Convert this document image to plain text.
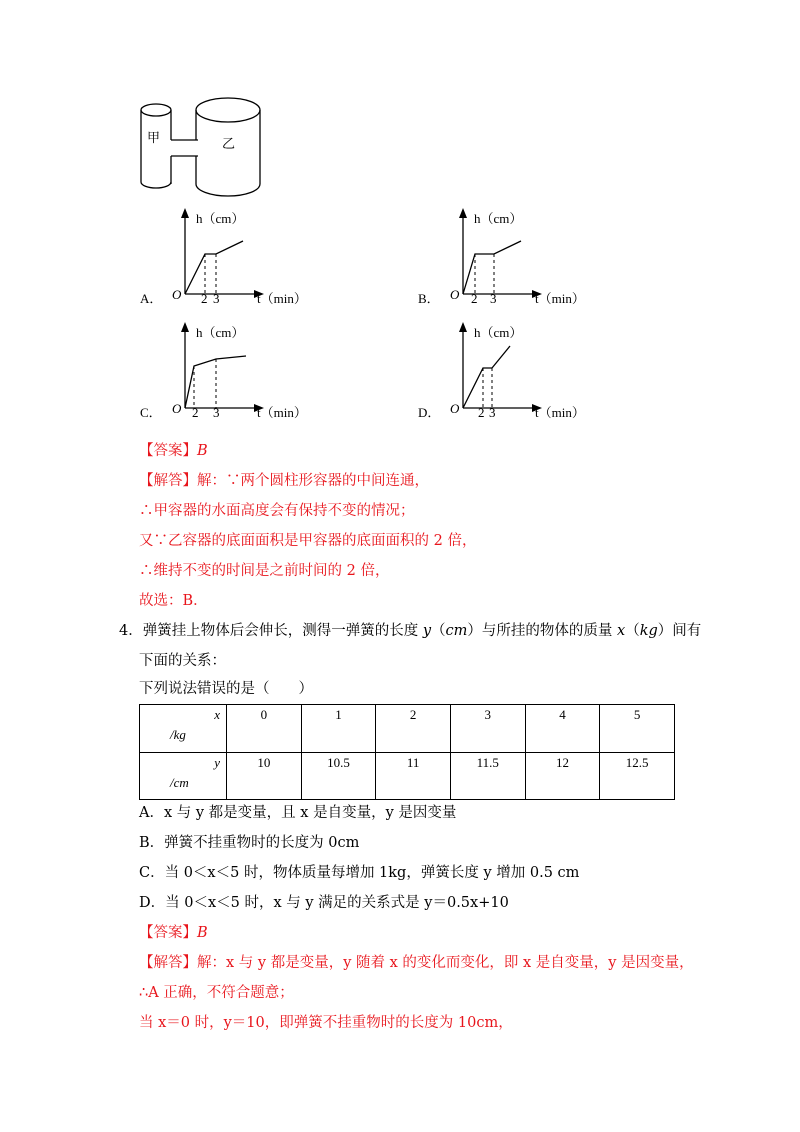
甲	乙
h（cm）
O 2 3	t（min）
A．
h（cm）
O 2 3	t（min）
B．
h（cm）
O 2 3	t（min）
C．
h（cm）
O 2 3	t（min）
D．
【答案】B
【解答】解：∵两个圆柱形容器的中间连通，
∴甲容器的水面高度会有保持不变的情况；
又∵乙容器的底面面积是甲容器的底面面积的 2 倍，
∴维持不变的时间是之前时间的 2 倍，
故选：B．
4．弹簧挂上物体后会伸长，测得一弹簧的长度 y（cm）与所挂的物体的质量 x（kg）间有
下面的关系：
下列说法错误的是（　　）
x
/kg	0	1	2	3	4	5

y
/cm	10	10.5	11	11.5	12	12.5
A．x 与 y 都是变量，且 x 是自变量，y 是因变量
B．弹簧不挂重物时的长度为 0cm
C．当 0＜x＜5 时，物体质量每增加 1kg，弹簧长度 y 增加 0.5 cm
D．当 0＜x＜5 时，x 与 y 满足的关系式是 y＝0.5x+10
【答案】B
【解答】解：x 与 y 都是变量，y 随着 x 的变化而变化，即 x 是自变量，y 是因变量，
∴A 正确，不符合题意；
当 x＝0 时，y＝10，即弹簧不挂重物时的长度为 10cm，
